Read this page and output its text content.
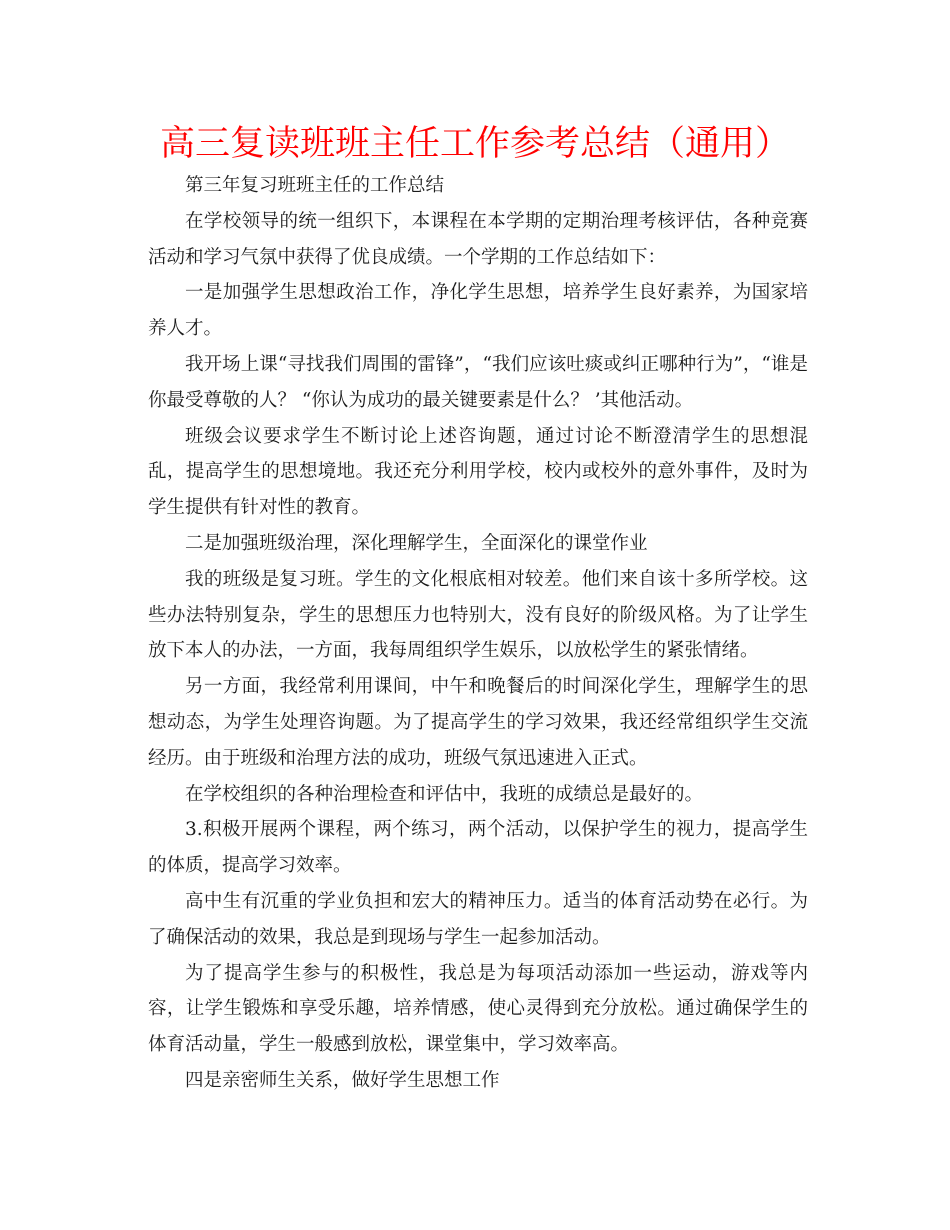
高三复读班班主任工作参考总结（通用）

第三年复习班班主任的工作总结

在学校领导的统一组织下，本课程在本学期的定期治理考核评估，各种竞赛活动和学习气氛中获得了优良成绩。一个学期的工作总结如下：

一是加强学生思想政治工作，净化学生思想，培养学生良好素养，为国家培养人才。

我开场上课“寻找我们周围的雷锋”，“我们应该吐痰或纠正哪种行为”，“谁是你最受尊敬的人？ “你认为成功的最关键要素是什么？ ’其他活动。

班级会议要求学生不断讨论上述咨询题，通过讨论不断澄清学生的思想混乱，提高学生的思想境地。我还充分利用学校，校内或校外的意外事件，及时为学生提供有针对性的教育。

二是加强班级治理，深化理解学生，全面深化的课堂作业

我的班级是复习班。学生的文化根底相对较差。他们来自该十多所学校。这些办法特别复杂，学生的思想压力也特别大，没有良好的阶级风格。为了让学生放下本人的办法，一方面，我每周组织学生娱乐，以放松学生的紧张情绪。

另一方面，我经常利用课间，中午和晚餐后的时间深化学生，理解学生的思想动态，为学生处理咨询题。为了提高学生的学习效果，我还经常组织学生交流经历。由于班级和治理方法的成功，班级气氛迅速进入正式。

在学校组织的各种治理检查和评估中，我班的成绩总是最好的。

3.积极开展两个课程，两个练习，两个活动，以保护学生的视力，提高学生的体质，提高学习效率。

高中生有沉重的学业负担和宏大的精神压力。适当的体育活动势在必行。为了确保活动的效果，我总是到现场与学生一起参加活动。

为了提高学生参与的积极性，我总是为每项活动添加一些运动，游戏等内容，让学生锻炼和享受乐趣，培养情感，使心灵得到充分放松。通过确保学生的体育活动量，学生一般感到放松，课堂集中，学习效率高。

四是亲密师生关系，做好学生思想工作
